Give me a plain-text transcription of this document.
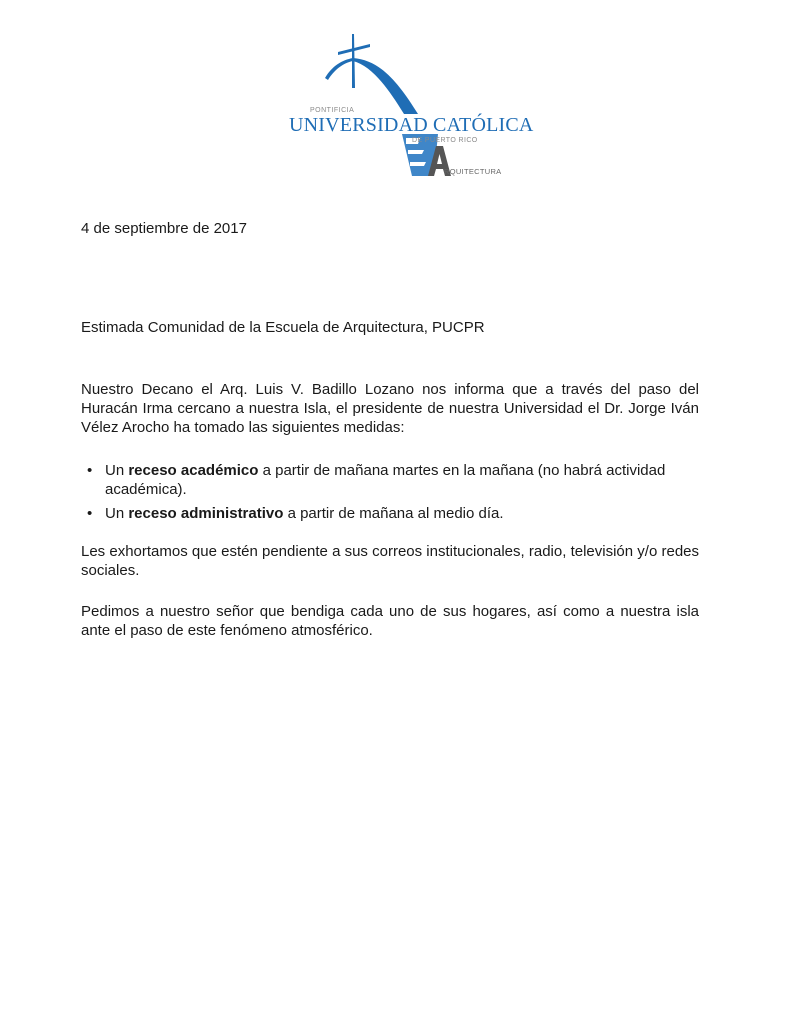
PONTIFICIA
UNIVERSIDAD CATÓLICA
DE PUERTO RICO
RQUITECTURA
4 de septiembre de 2017
Estimada Comunidad de la Escuela de Arquitectura, PUCPR
Nuestro Decano el Arq. Luis V. Badillo Lozano nos informa que a través del paso del Huracán Irma cercano a nuestra Isla, el presidente de nuestra Universidad el Dr. Jorge Iván Vélez Arocho ha tomado las siguientes medidas:
• Un receso académico a partir de mañana martes en la mañana (no habrá actividad académica).
• Un receso administrativo a partir de mañana al medio día.
Les exhortamos que estén pendiente a sus correos institucionales, radio, televisión y/o redes sociales.
Pedimos a nuestro señor que bendiga cada uno de sus hogares, así como a nuestra isla ante el paso de este fenómeno atmosférico.
